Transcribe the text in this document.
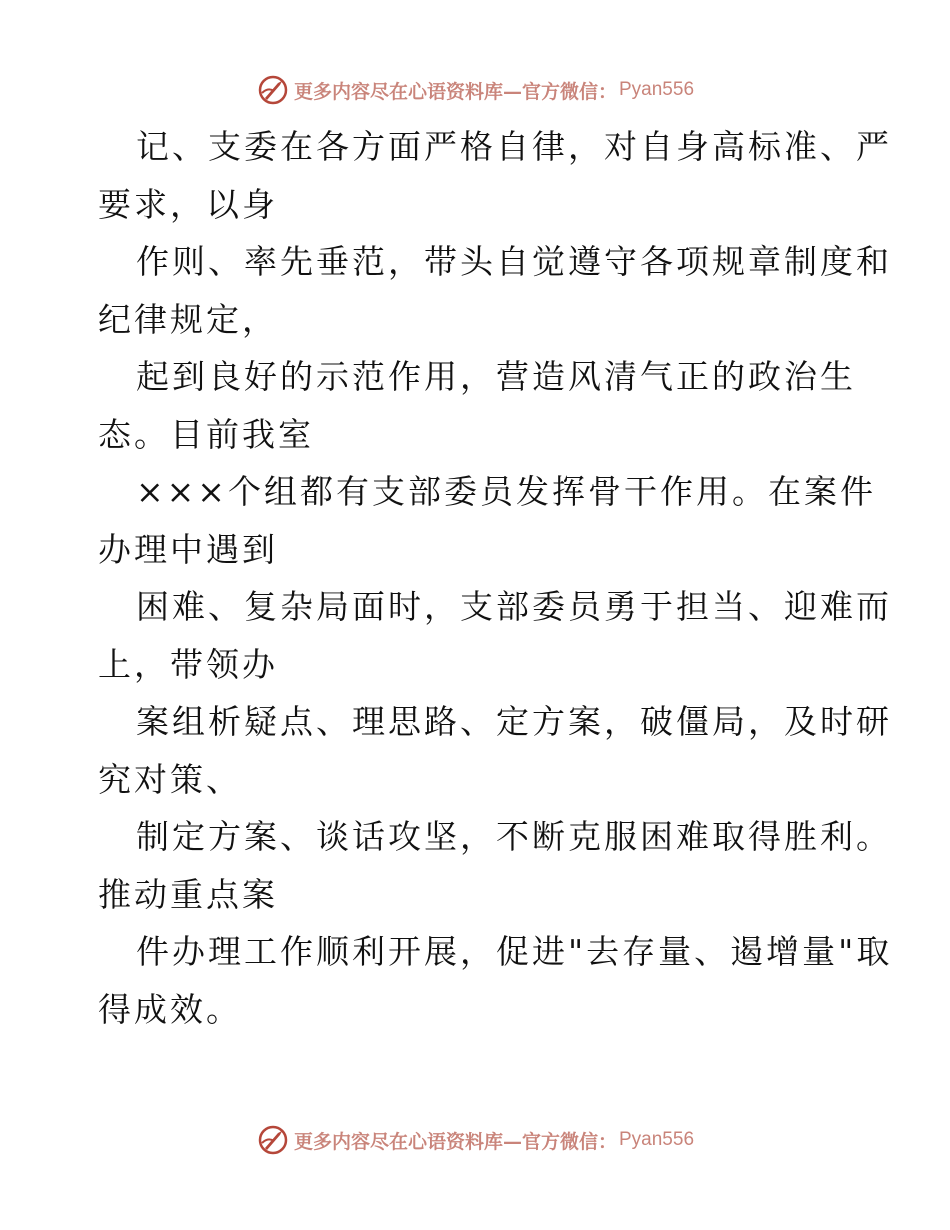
更多内容尽在心语资料库—官方微信： Pyan556
记、支委在各方面严格自律，对自身高标准、严
要求，以身
作则、率先垂范，带头自觉遵守各项规章制度和
纪律规定，
起到良好的示范作用，营造风清气正的政治生
态。目前我室
×××个组都有支部委员发挥骨干作用。在案件
办理中遇到
困难、复杂局面时，支部委员勇于担当、迎难而
上，带领办
案组析疑点、理思路、定方案，破僵局，及时研
究对策、
制定方案、谈话攻坚，不断克服困难取得胜利。
推动重点案
件办理工作顺利开展，促进"去存量、遏增量"取
得成效。
更多内容尽在心语资料库—官方微信： Pyan556
